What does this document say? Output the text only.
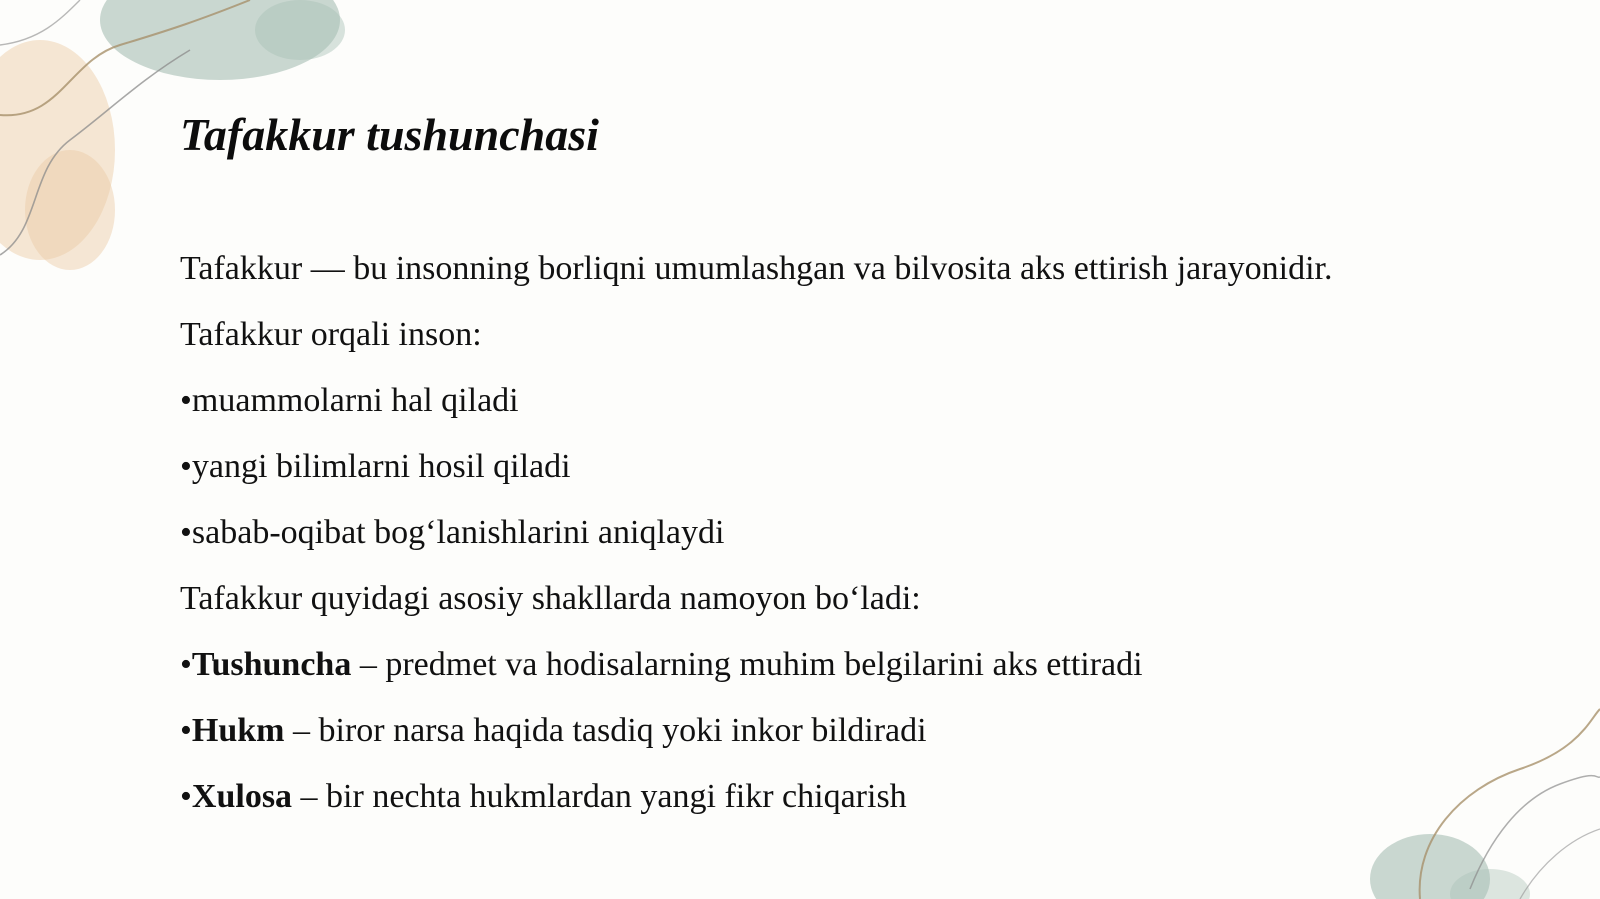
Tafakkur tushunchasi

Tafakkur — bu insonning borliqni umumlashgan va bilvosita aks ettirish jarayonidir.

Tafakkur orqali inson:

•muammolarni hal qiladi

•yangi bilimlarni hosil qiladi

•sabab-oqibat bog‘lanishlarini aniqlaydi

Tafakkur quyidagi asosiy shakllarda namoyon bo‘ladi:

•Tushuncha – predmet va hodisalarning muhim belgilarini aks ettiradi

•Hukm – biror narsa haqida tasdiq yoki inkor bildiradi

•Xulosa – bir nechta hukmlardan yangi fikr chiqarish
